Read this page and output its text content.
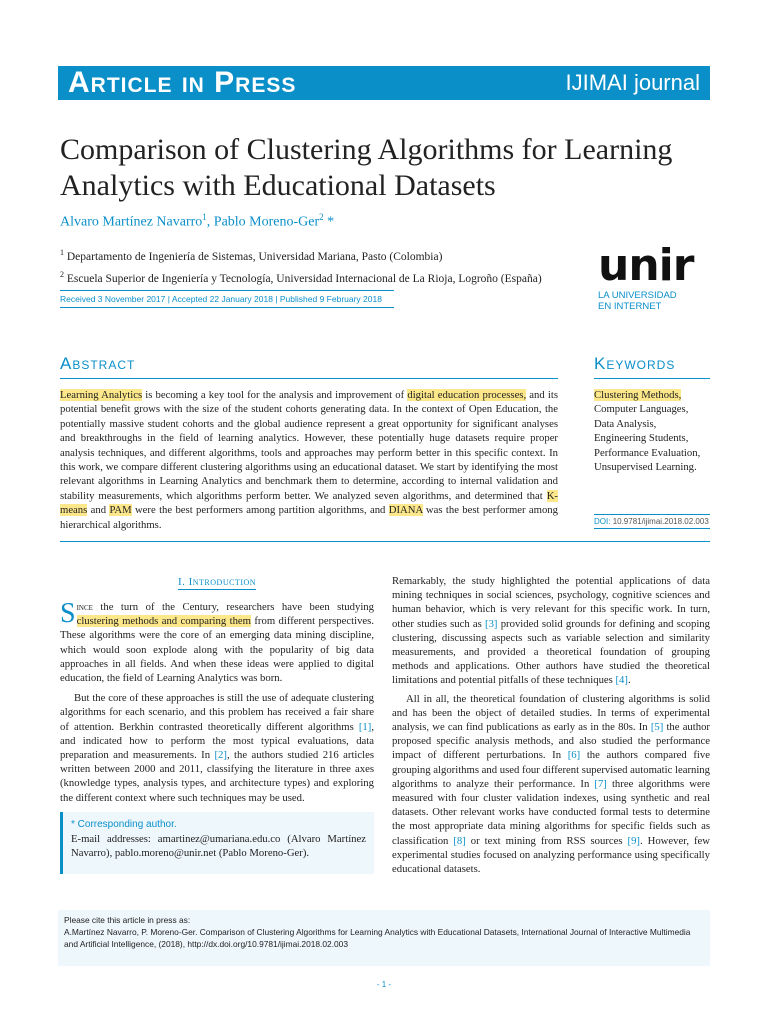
Article in Press	IJIMAI journal
Comparison of Clustering Algorithms for Learning Analytics with Educational Datasets
Alvaro Martínez Navarro$^1$, Pablo Moreno-Ger$^2$ *
$^1$ Departamento de Ingeniería de Sistemas, Universidad Mariana, Pasto (Colombia)
$^2$ Escuela Superior de Ingeniería y Tecnología, Universidad Internacional de La Rioja, Logroño (España)
Received 3 November 2017 | Accepted 22 January 2018 | Published 9 February 2018
unir
LA UNIVERSIDAD
EN INTERNET
Abstract
Learning Analytics is becoming a key tool for the analysis and improvement of digital education processes, and its potential benefit grows with the size of the student cohorts generating data. In the context of Open Education, the potentially massive student cohorts and the global audience represent a great opportunity for significant analyses and breakthroughs in the field of learning analytics. However, these potentially huge datasets require proper analysis techniques, and different algorithms, tools and approaches may perform better in this specific context. In this work, we compare different clustering algorithms using an educational dataset. We start by identifying the most relevant algorithms in Learning Analytics and benchmark them to determine, according to internal validation and stability measurements, which algorithms perform better. We analyzed seven algorithms, and determined that K-means and PAM were the best performers among partition algorithms, and DIANA was the best performer among hierarchical algorithms.
Keywords
Clustering Methods,
Computer Languages,
Data Analysis,
Engineering Students,
Performance Evaluation,
Unsupervised Learning.
DOI: 10.9781/ijimai.2018.02.003
I. Introduction

Since the turn of the Century, researchers have been studying clustering methods and comparing them from different perspectives. These algorithms were the core of an emerging data mining discipline, which would soon explode along with the popularity of big data approaches in all fields. And when these ideas were applied to digital education, the field of Learning Analytics was born.

But the core of these approaches is still the use of adequate clustering algorithms for each scenario, and this problem has received a fair share of attention. Berkhin contrasted theoretically different algorithms [1], and indicated how to perform the most typical evaluations, data preparation and measurements. In [2], the authors studied 216 articles written between 2000 and 2011, classifying the literature in three axes (knowledge types, analysis types, and architecture types) and exploring the different context where such techniques may be used.

* Corresponding author.
E-mail addresses: amartinez@umariana.edu.co (Alvaro Martínez Navarro), pablo.moreno@unir.net (Pablo Moreno-Ger).

Remarkably, the study highlighted the potential applications of data mining techniques in social sciences, psychology, cognitive sciences and human behavior, which is very relevant for this specific work. In turn, other studies such as [3] provided solid grounds for defining and scoping clustering, discussing aspects such as variable selection and similarity measurements, and provided a theoretical foundation of grouping methods and applications. Other authors have studied the theoretical limitations and potential pitfalls of these techniques [4].

All in all, the theoretical foundation of clustering algorithms is solid and has been the object of detailed studies. In terms of experimental analysis, we can find publications as early as in the 80s. In [5] the author proposed specific analysis methods, and also studied the performance impact of different perturbations. In [6] the authors compared five grouping algorithms and used four different supervised automatic learning algorithms to analyze their performance. In [7] three algorithms were measured with four cluster validation indexes, using synthetic and real datasets. Other relevant works have conducted formal tests to determine the most appropriate data mining algorithms for specific fields such as classification [8] or text mining from RSS sources [9]. However, few experimental studies focused on analyzing performance using specifically educational datasets.

Please cite this article in press as:
A.Martínez Navarro, P. Moreno-Ger. Comparison of Clustering Algorithms for Learning Analytics with Educational Datasets, International Journal of Interactive Multimedia and Artificial Intelligence, (2018), http://dx.doi.org/10.9781/ijimai.2018.02.003
- 1 -
